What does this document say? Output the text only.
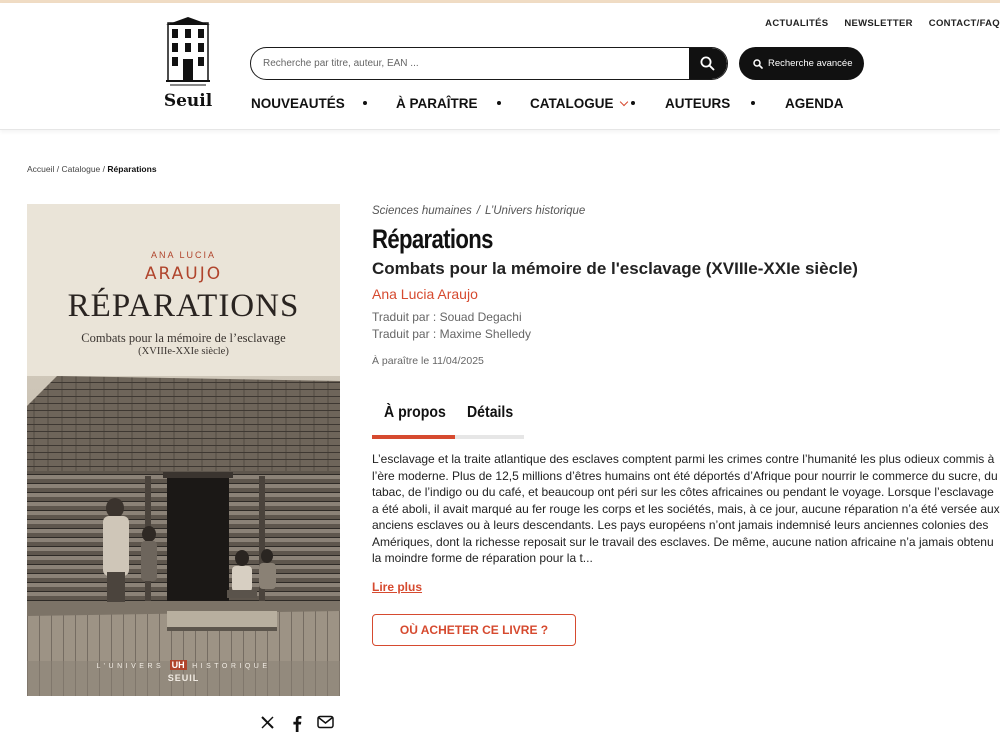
Seuil
ACTUALITÉS NEWSLETTER CONTACT/FAQ
Recherche par titre, auteur, EAN ...
Recherche avancée
NOUVEAUTÉS	À PARAÎTRE	CATALOGUE	AUTEURS	AGENDA
Accueil / Catalogue / Réparations
ANA LUCIA
ARAUJO
RÉPARATIONS
Combats pour la mémoire de l’esclavage
(XVIIIe-XXIe siècle)
L’UNIVERS UH HISTORIQUE
SEUIL
Sciences humaines / L’Univers historique
Réparations
Combats pour la mémoire de l'esclavage (XVIIIe-XXIe siècle)
Ana Lucia Araujo
Traduit par : Souad Degachi
Traduit par : Maxime Shelledy
À paraître le 11/04/2025
À propos Détails
L’esclavage et la traite atlantique des esclaves comptent parmi les crimes contre l’humanité les plus odieux commis à l’ère moderne. Plus de 12,5 millions d’êtres humains ont été déportés d’Afrique pour nourrir le commerce du sucre, du tabac, de l’indigo ou du café, et beaucoup ont péri sur les côtes africaines ou pendant le voyage. Lorsque l’esclavage a été aboli, il avait marqué au fer rouge les corps et les sociétés, mais, à ce jour, aucune réparation n’a été versée aux anciens esclaves ou à leurs descendants. Les pays européens n’ont jamais indemnisé leurs anciennes colonies des Amériques, dont la richesse reposait sur le travail des esclaves. De même, aucune nation africaine n’a jamais obtenu la moindre forme de réparation pour la t...
Lire plus
OÙ ACHETER CE LIVRE ?
